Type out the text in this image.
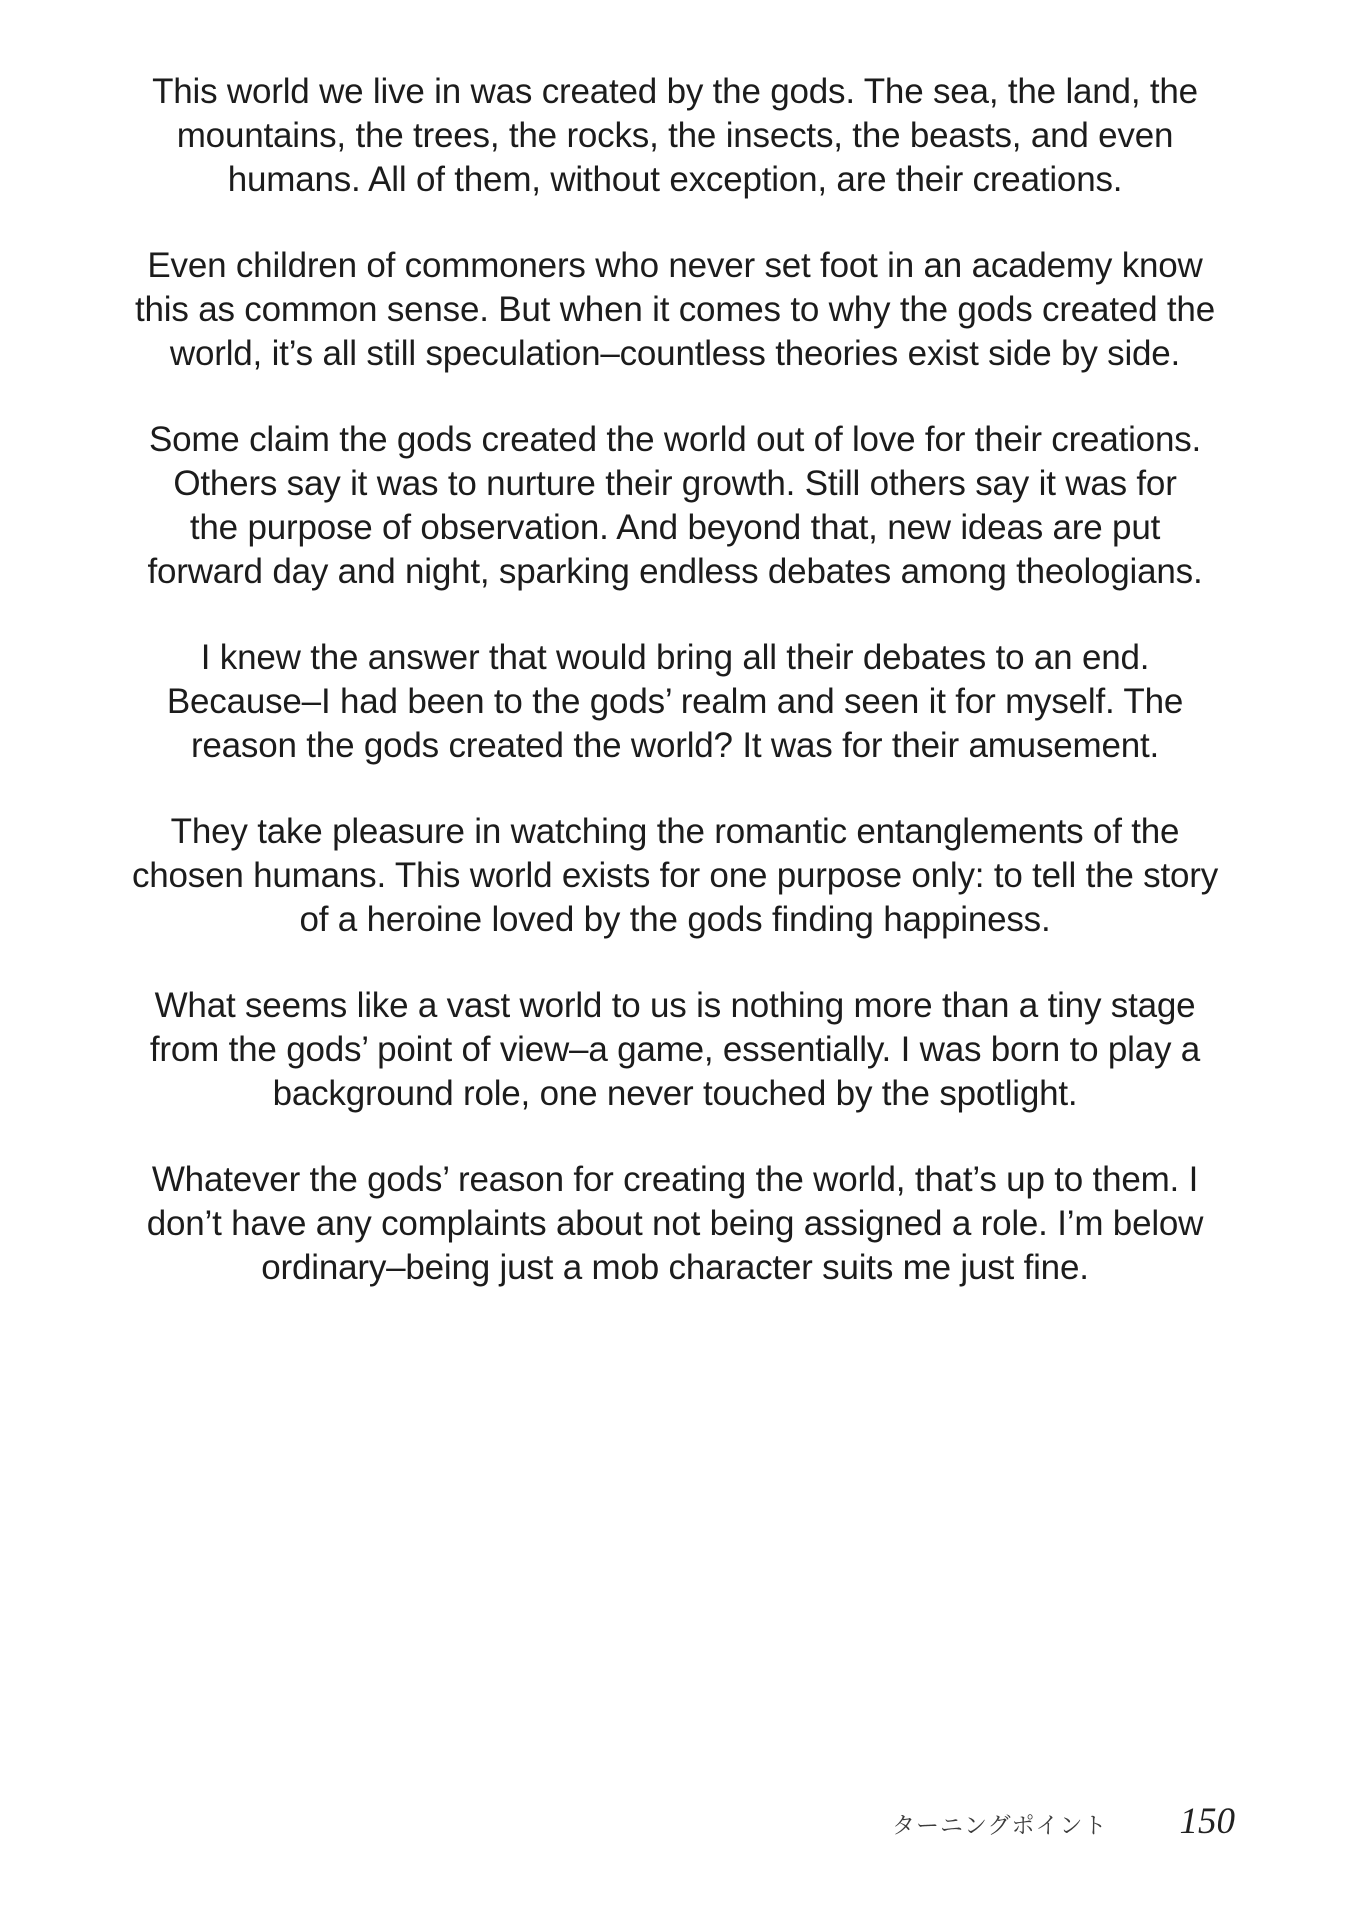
This world we live in was created by the gods. The sea, the land, the
mountains, the trees, the rocks, the insects, the beasts, and even
humans. All of them, without exception, are their creations.

Even children of commoners who never set foot in an academy know
this as common sense. But when it comes to why the gods created the
world, it’s all still speculation–countless theories exist side by side.

Some claim the gods created the world out of love for their creations.
Others say it was to nurture their growth. Still others say it was for
the purpose of observation. And beyond that, new ideas are put
forward day and night, sparking endless debates among theologians.

I knew the answer that would bring all their debates to an end.
Because–I had been to the gods’ realm and seen it for myself. The
reason the gods created the world? It was for their amusement.

They take pleasure in watching the romantic entanglements of the
chosen humans. This world exists for one purpose only: to tell the story
of a heroine loved by the gods finding happiness.

What seems like a vast world to us is nothing more than a tiny stage
from the gods’ point of view–a game, essentially. I was born to play a
background role, one never touched by the spotlight.

Whatever the gods’ reason for creating the world, that’s up to them. I
don’t have any complaints about not being assigned a role. I’m below
ordinary–being just a mob character suits me just fine.

ターニングポイント 150
